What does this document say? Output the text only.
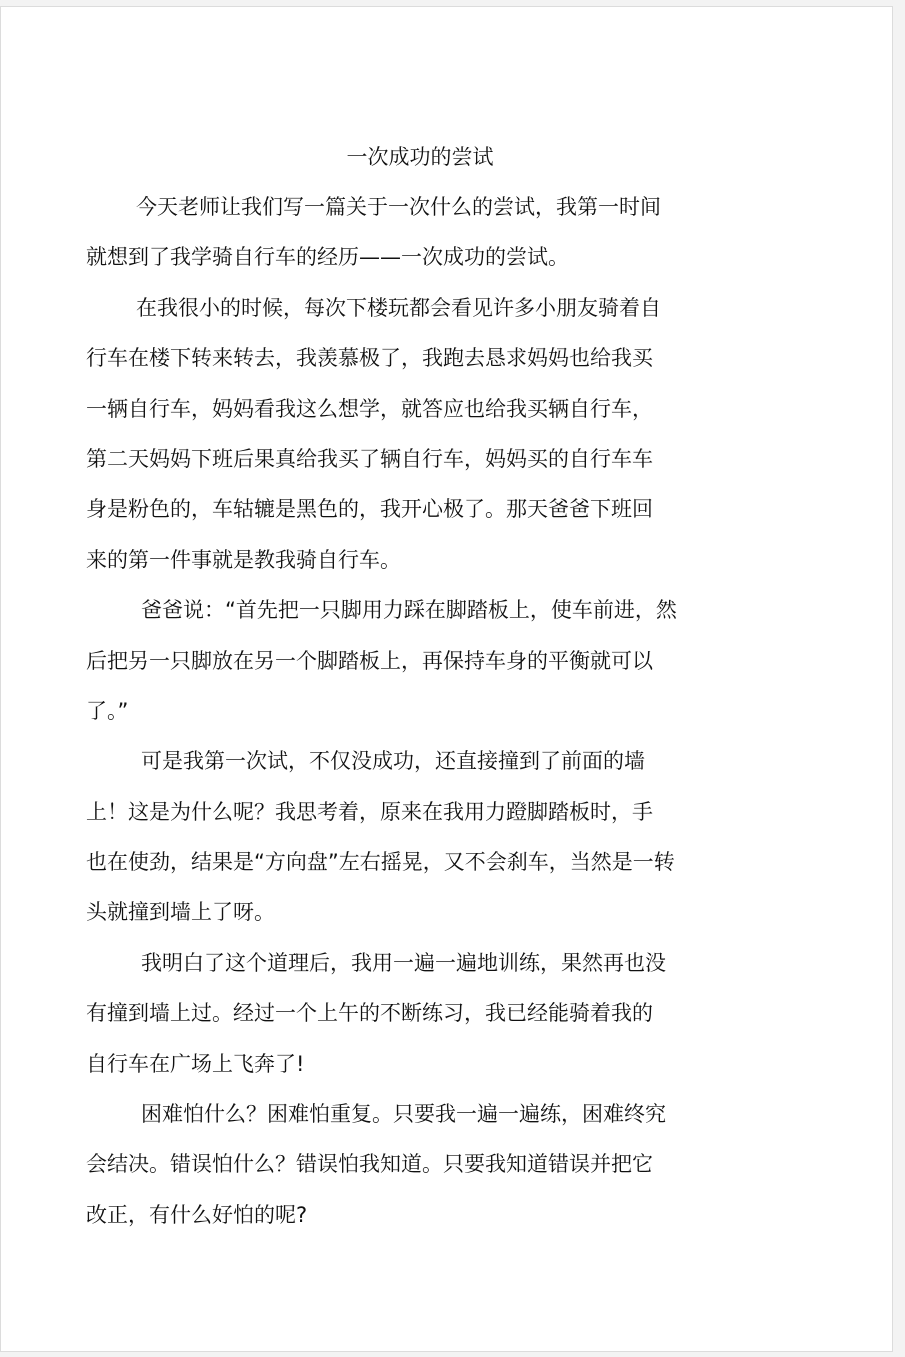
一次成功的尝试

今天老师让我们写一篇关于一次什么的尝试，我第一时间
就想到了我学骑自行车的经历——一次成功的尝试。

在我很小的时候，每次下楼玩都会看见许多小朋友骑着自
行车在楼下转来转去，我羡慕极了，我跑去恳求妈妈也给我买
一辆自行车，妈妈看我这么想学，就答应也给我买辆自行车，
第二天妈妈下班后果真给我买了辆自行车，妈妈买的自行车车
身是粉色的，车轱辘是黑色的，我开心极了。那天爸爸下班回
来的第一件事就是教我骑自行车。

爸爸说：“首先把一只脚用力踩在脚踏板上，使车前进，然
后把另一只脚放在另一个脚踏板上，再保持车身的平衡就可以
了。”

可是我第一次试，不仅没成功，还直接撞到了前面的墙
上！这是为什么呢？我思考着，原来在我用力蹬脚踏板时，手
也在使劲，结果是“方向盘”左右摇晃，又不会刹车，当然是一转
头就撞到墙上了呀。

我明白了这个道理后，我用一遍一遍地训练，果然再也没
有撞到墙上过。经过一个上午的不断练习，我已经能骑着我的
自行车在广场上飞奔了!

困难怕什么？困难怕重复。只要我一遍一遍练，困难终究
会结决。错误怕什么？错误怕我知道。只要我知道错误并把它
改正，有什么好怕的呢?
